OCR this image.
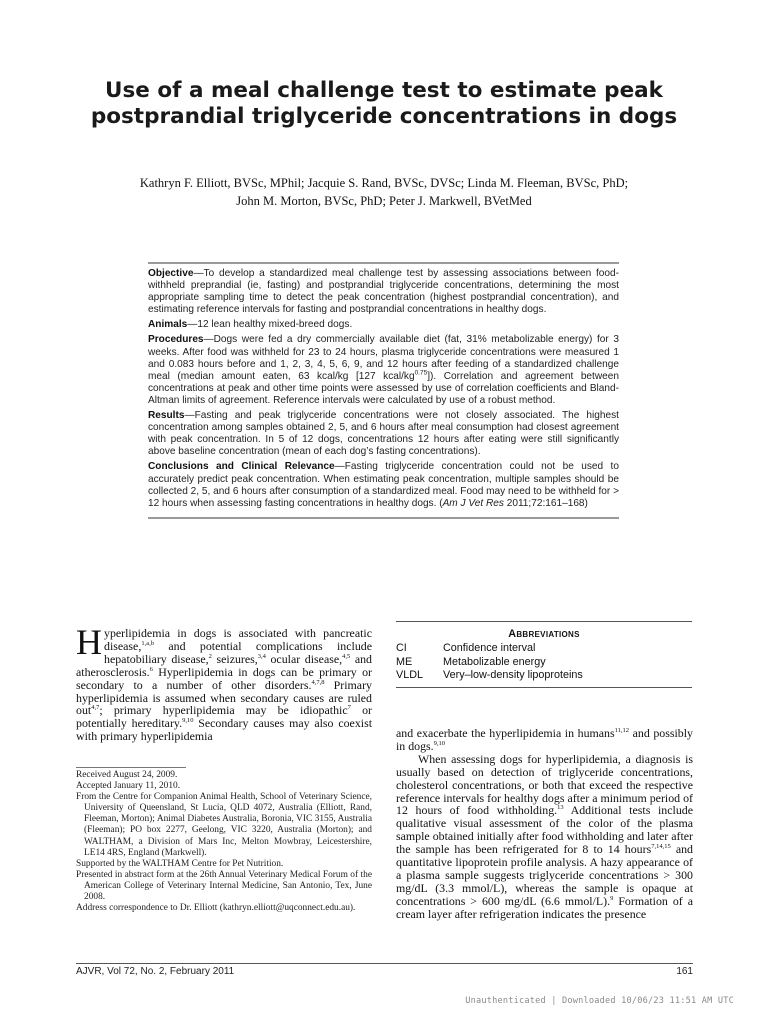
Use of a meal challenge test to estimate peak
postprandial triglyceride concentrations in dogs
Kathryn F. Elliott, BVSc, MPhil; Jacquie S. Rand, BVSc, DVSc; Linda M. Fleeman, BVSc, PhD;
John M. Morton, BVSc, PhD; Peter J. Markwell, BVetMed

Objective—To develop a standardized meal challenge test by assessing associations between food-withheld preprandial (ie, fasting) and postprandial triglyceride concentrations, determining the most appropriate sampling time to detect the peak concentration (highest postprandial concentration), and estimating reference intervals for fasting and postprandial concentrations in healthy dogs.

Animals—12 lean healthy mixed-breed dogs.

Procedures—Dogs were fed a dry commercially available diet (fat, 31% metabolizable energy) for 3 weeks. After food was withheld for 23 to 24 hours, plasma triglyceride concentrations were measured 1 and 0.083 hours before and 1, 2, 3, 4, 5, 6, 9, and 12 hours after feeding of a standardized challenge meal (median amount eaten, 63 kcal/kg [127 kcal/$kg^{0.75}$]). Correlation and agreement between concentrations at peak and other time points were assessed by use of correlation coefficients and Bland-Altman limits of agreement. Reference intervals were calculated by use of a robust method.

Results—Fasting and peak triglyceride concentrations were not closely associated. The highest concentration among samples obtained 2, 5, and 6 hours after meal consumption had closest agreement with peak concentration. In 5 of 12 dogs, concentrations 12 hours after eating were still significantly above baseline concentration (mean of each dog’s fasting concentrations).

Conclusions and Clinical Relevance—Fasting triglyceride concentration could not be used to accurately predict peak concentration. When estimating peak concentration, multiple samples should be collected 2, 5, and 6 hours after consumption of a standardized meal. Food may need to be withheld for > 12 hours when assessing fasting concentrations in healthy dogs. (Am J Vet Res 2011;72:161–168)

Hyperlipidemia in dogs is associated with pancreatic disease,$^{1,a,b}$ and potential complications include hepatobiliary disease,$^2$ seizures,$^{3,4}$ ocular disease,$^{4,5}$ and atherosclerosis.$^6$ Hyperlipidemia in dogs can be primary or secondary to a number of other disorders.$^{4,7,8}$ Primary hyperlipidemia is assumed when secondary causes are ruled out$^{4,7}$; primary hyperlipidemia may be idiopathic$^7$ or potentially hereditary.$^{9,10}$ Secondary causes may also coexist with primary hyperlipidemia

Received August 24, 2009.

Accepted January 11, 2010.

From the Centre for Companion Animal Health, School of Veterinary Science, University of Queensland, St Lucia, QLD 4072, Australia (Elliott, Rand, Fleeman, Morton); Animal Diabetes Australia, Boronia, VIC 3155, Australia (Fleeman); PO box 2277, Geelong, VIC 3220, Australia (Morton); and WALTHAM, a Division of Mars Inc, Melton Mowbray, Leicestershire, LE14 4RS, England (Markwell).

Supported by the WALTHAM Centre for Pet Nutrition.

Presented in abstract form at the 26th Annual Veterinary Medical Forum of the American College of Veterinary Internal Medicine, San Antonio, Tex, June 2008.

Address correspondence to Dr. Elliott (kathryn.elliott@uqconnect.edu.au).

Abbreviations
CI	Confidence interval
ME	Metabolizable energy
VLDL	Very–low-density lipoproteins

and exacerbate the hyperlipidemia in humans$^{11,12}$ and possibly in dogs.$^{9,10}$

When assessing dogs for hyperlipidemia, a diagnosis is usually based on detection of triglyceride concentrations, cholesterol concentrations, or both that exceed the respective reference intervals for healthy dogs after a minimum period of 12 hours of food withholding.$^{13}$ Additional tests include qualitative visual assessment of the color of the plasma sample obtained initially after food withholding and later after the sample has been refrigerated for 8 to 14 hours$^{7,14,15}$ and quantitative lipoprotein profile analysis. A hazy appearance of a plasma sample suggests triglyceride concentrations > 300 mg/dL (3.3 mmol/L), whereas the sample is opaque at concentrations > 600 mg/dL (6.6 mmol/L).$^9$ Formation of a cream layer after refrigeration indicates the presence

AJVR, Vol 72, No. 2, February 2011	161
Unauthenticated | Downloaded 10/06/23 11:51 AM UTC
